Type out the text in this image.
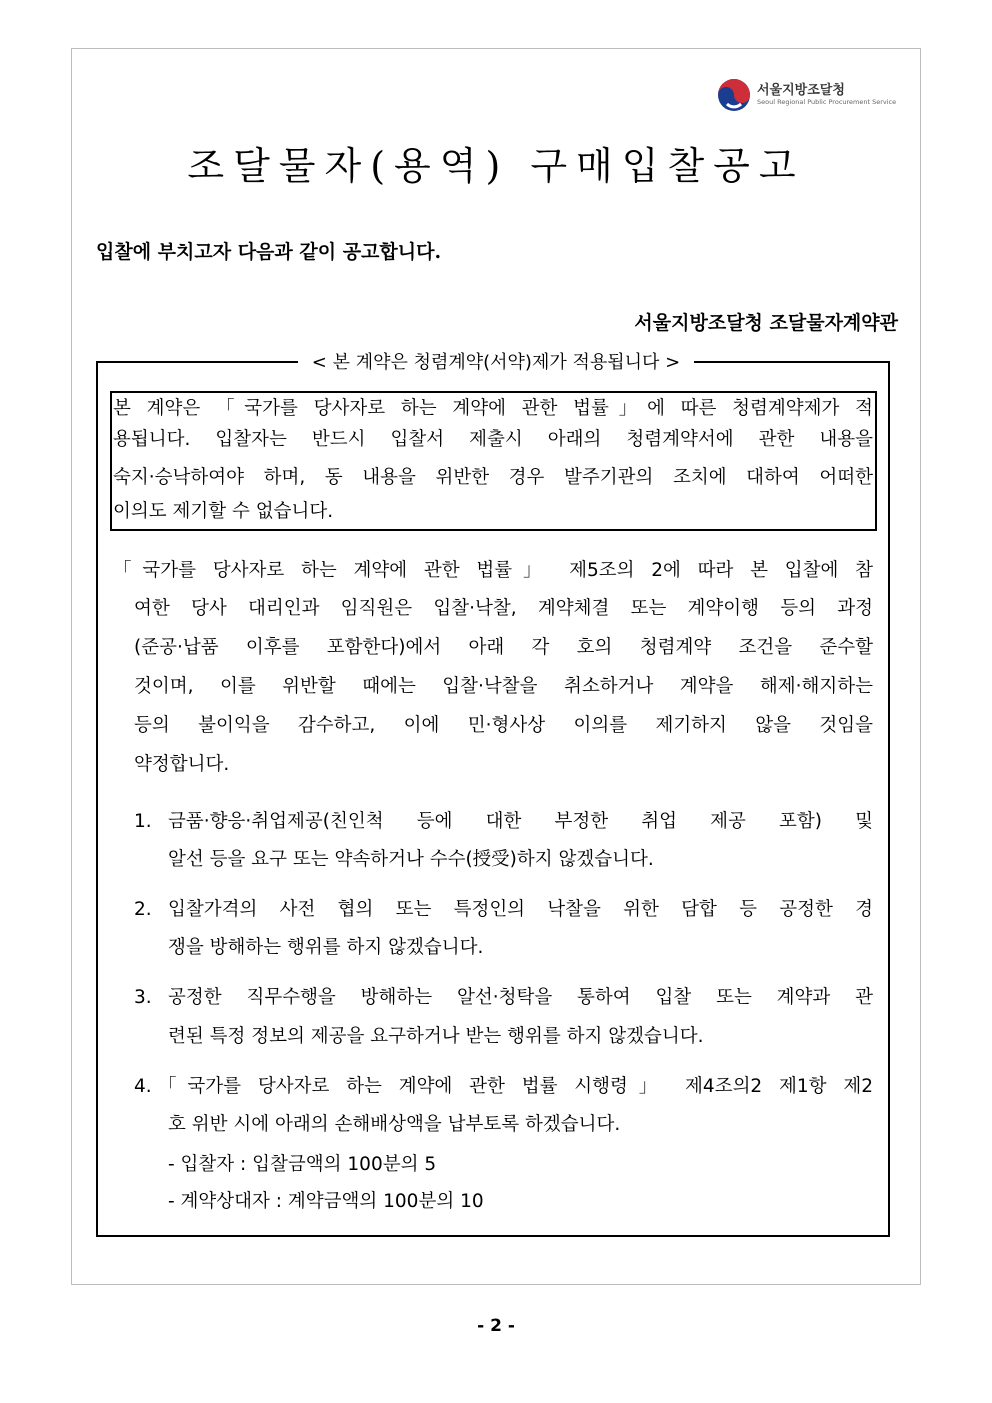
서울지방조달청
Seoul Regional Public Procurement Service
조달물자(용역) 구매입찰공고
입찰에 부치고자 다음과 같이 공고합니다.
서울지방조달청 조달물자계약관
< 본 계약은 청렴계약(서약)제가 적용됩니다 >
본 계약은 「국가를 당사자로 하는 계약에 관한 법률」에 따른 청렴계약제가 적
용됩니다. 입찰자는 반드시 입찰서 제출시 아래의 청렴계약서에 관한 내용을
숙지·승낙하여야 하며, 동 내용을 위반한 경우 발주기관의 조치에 대하여 어떠한
이의도 제기할 수 없습니다.
「국가를 당사자로 하는 계약에 관한 법률」 제5조의 2에 따라 본 입찰에 참
여한 당사 대리인과 임직원은 입찰·낙찰, 계약체결 또는 계약이행 등의 과정
(준공·납품 이후를 포함한다)에서 아래 각 호의 청렴계약 조건을 준수할
것이며, 이를 위반할 때에는 입찰·낙찰을 취소하거나 계약을 해제·해지하는
등의 불이익을 감수하고, 이에 민·형사상 이의를 제기하지 않을 것임을
약정합니다.
1. 금품·향응·취업제공(친인척 등에 대한 부정한 취업 제공 포함) 및
알선 등을 요구 또는 약속하거나 수수(授受)하지 않겠습니다.
2. 입찰가격의 사전 협의 또는 특정인의 낙찰을 위한 담합 등 공정한 경
쟁을 방해하는 행위를 하지 않겠습니다.
3. 공정한 직무수행을 방해하는 알선·청탁을 통하여 입찰 또는 계약과 관
련된 특정 정보의 제공을 요구하거나 받는 행위를 하지 않겠습니다.
4. 「국가를 당사자로 하는 계약에 관한 법률 시행령」 제4조의2 제1항 제2
호 위반 시에 아래의 손해배상액을 납부토록 하겠습니다.
- 입찰자 : 입찰금액의 100분의 5
- 계약상대자 : 계약금액의 100분의 10
- 2 -
